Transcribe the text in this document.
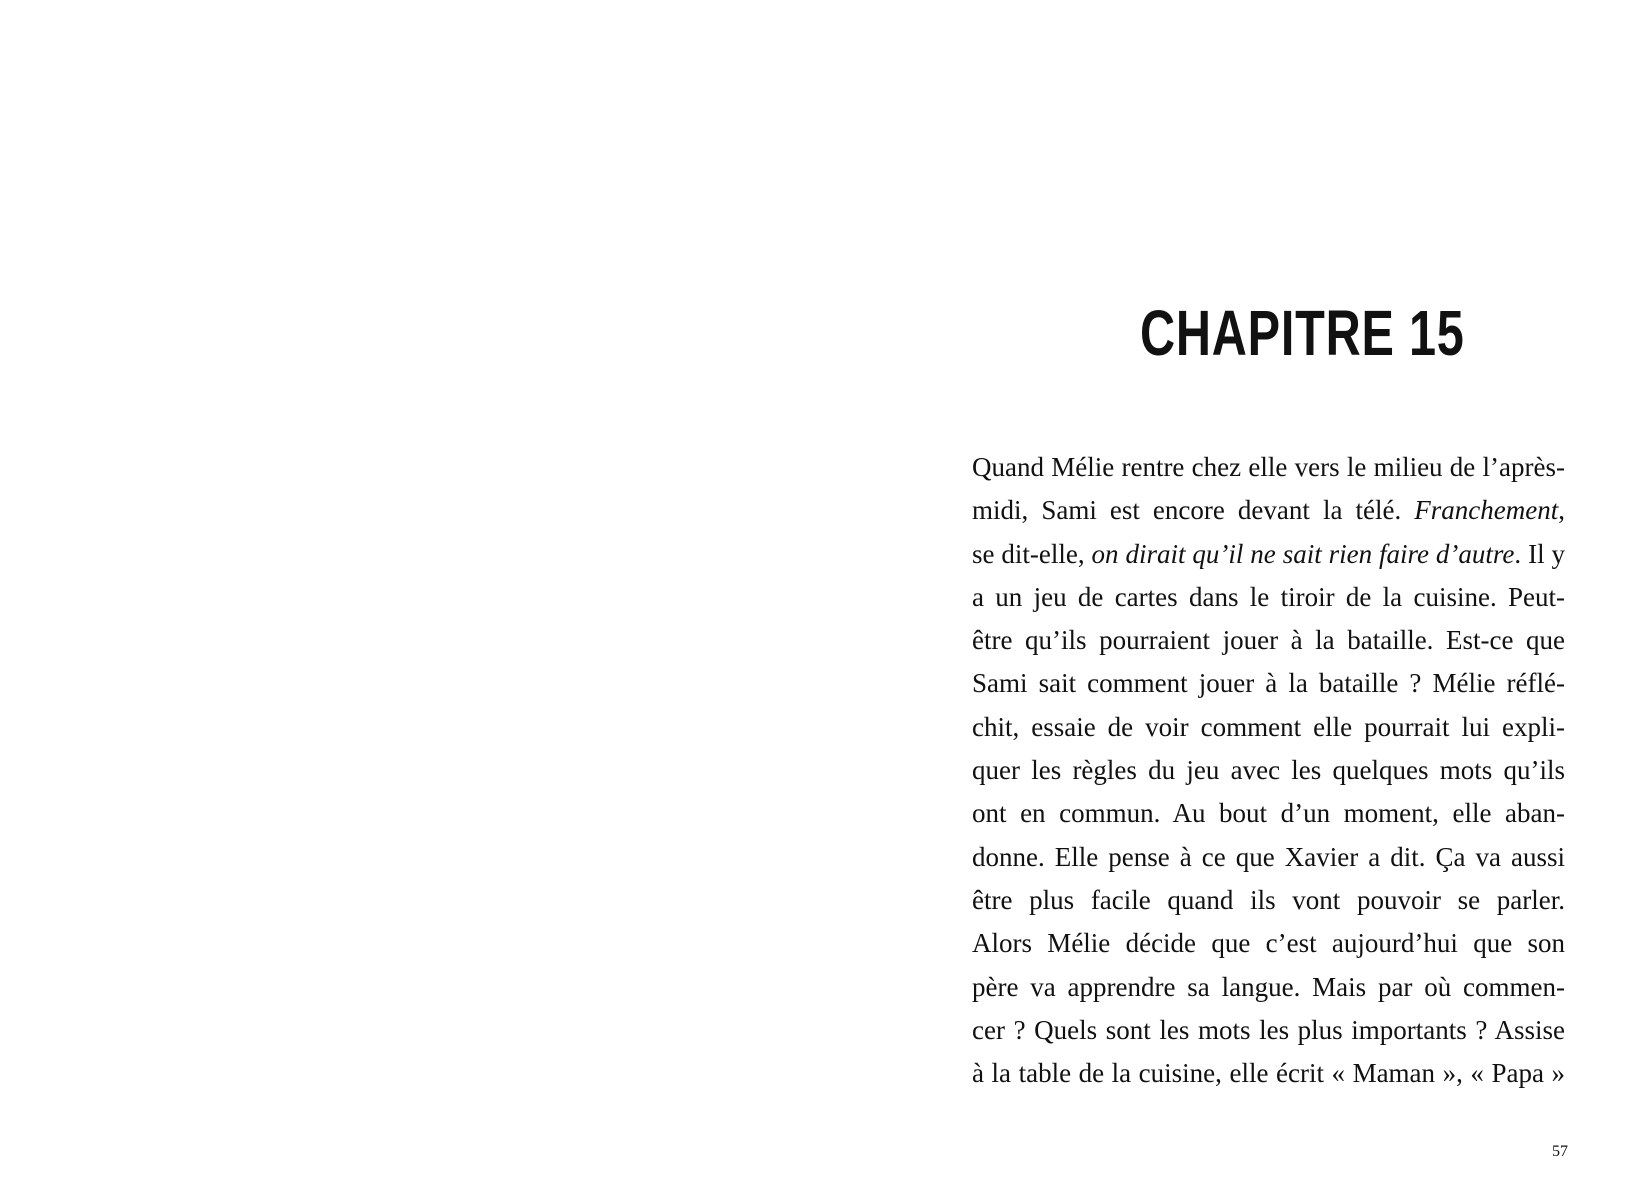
CHAPITRE 15
Quand Mélie rentre chez elle vers le milieu de l’après-
midi, Sami est encore devant la télé. Franchement,
se dit-elle, on dirait qu’il ne sait rien faire d’autre. Il y
a un jeu de cartes dans le tiroir de la cuisine. Peut-
être qu’ils pourraient jouer à la bataille. Est-ce que
Sami sait comment jouer à la bataille ? Mélie réflé-
chit, essaie de voir comment elle pourrait lui expli-
quer les règles du jeu avec les quelques mots qu’ils
ont en commun. Au bout d’un moment, elle aban-
donne. Elle pense à ce que Xavier a dit. Ça va aussi
être plus facile quand ils vont pouvoir se parler.
Alors Mélie décide que c’est aujourd’hui que son
père va apprendre sa langue. Mais par où commen-
cer ? Quels sont les mots les plus importants ? Assise
à la table de la cuisine, elle écrit « Maman », « Papa »
57
